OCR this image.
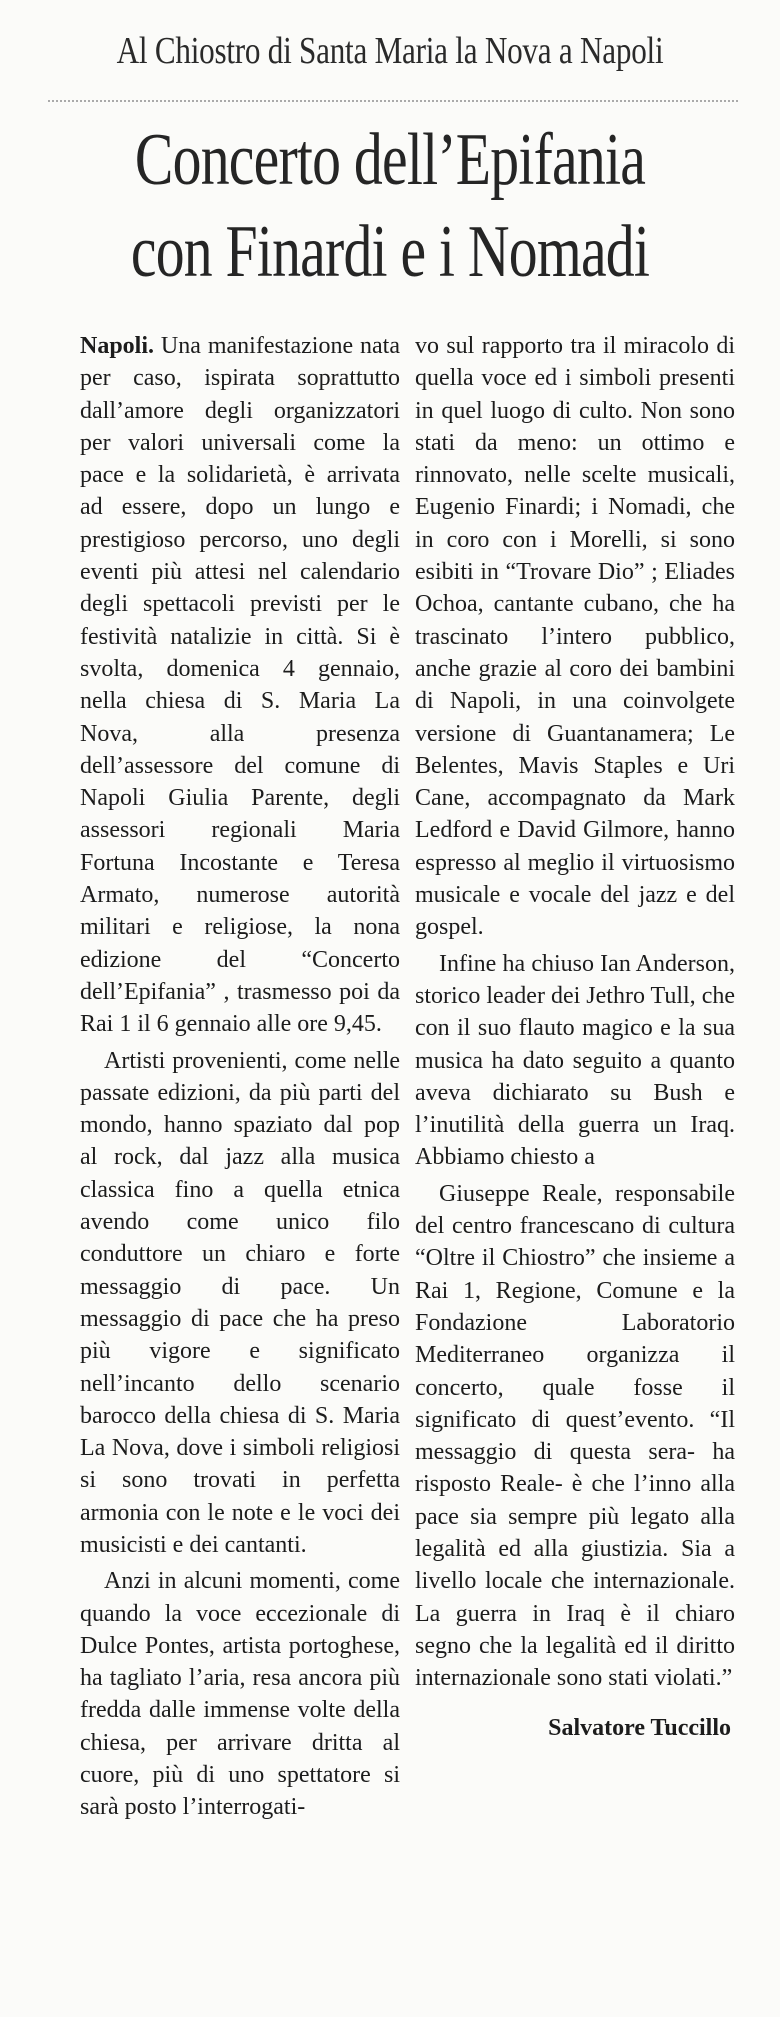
Al Chiostro di Santa Maria la Nova a Napoli
Concerto dell’Epifania
con Finardi e i Nomadi

Napoli. Una manifestazione nata per caso, ispirata soprattutto dall’amore degli organizzatori per valori universali come la pace e la solidarietà, è arrivata ad essere, dopo un lungo e prestigioso percorso, uno degli eventi più attesi nel calendario degli spettacoli previsti per le festività natalizie in città. Si è svolta, domenica 4 gennaio, nella chiesa di S. Maria La Nova, alla presenza dell’assessore del comune di Napoli Giulia Parente, degli assessori regionali Maria Fortuna Incostante e Teresa Armato, numerose autorità militari e religiose, la nona edizione del “Concerto dell’Epifania” , trasmesso poi da Rai 1 il 6 gennaio alle ore 9,45.

Artisti provenienti, come nelle passate edizioni, da più parti del mondo, hanno spaziato dal pop al rock, dal jazz alla musica classica fino a quella etnica avendo come unico filo conduttore un chiaro e forte messaggio di pace. Un messaggio di pace che ha preso più vigore e significato nell’incanto dello scenario barocco della chiesa di S. Maria La Nova, dove i simboli religiosi si sono trovati in perfetta armonia con le note e le voci dei musicisti e dei cantanti.

Anzi in alcuni momenti, come quando la voce eccezionale di Dulce Pontes, artista portoghese, ha tagliato l’aria, resa ancora più fredda dalle immense volte della chiesa, per arrivare dritta al cuore, più di uno spettatore si sarà posto l’interrogati-

vo sul rapporto tra il miracolo di quella voce ed i simboli presenti in quel luogo di culto. Non sono stati da meno: un ottimo e rinnovato, nelle scelte musicali, Eugenio Finardi; i Nomadi, che in coro con i Morelli, si sono esibiti in “Trovare Dio” ; Eliades Ochoa, cantante cubano, che ha trascinato l’intero pubblico, anche grazie al coro dei bambini di Napoli, in una coinvolgete versione di Guantanamera; Le Belentes, Mavis Staples e Uri Cane, accompagnato da Mark Ledford e David Gilmore, hanno espresso al meglio il virtuosismo musicale e vocale del jazz e del gospel.

Infine ha chiuso Ian Anderson, storico leader dei Jethro Tull, che con il suo flauto magico e la sua musica ha dato seguito a quanto aveva dichiarato su Bush e l’inutilità della guerra un Iraq. Abbiamo chiesto a

Giuseppe Reale, responsabile del centro francescano di cultura “Oltre il Chiostro” che insieme a Rai 1, Regione, Comune e la Fondazione Laboratorio Mediterraneo organizza il concerto, quale fosse il significato di quest’evento. “Il messaggio di questa sera- ha risposto Reale- è che l’inno alla pace sia sempre più legato alla legalità ed alla giustizia. Sia a livello locale che internazionale. La guerra in Iraq è il chiaro segno che la legalità ed il diritto internazionale sono stati violati.”

Salvatore Tuccillo
